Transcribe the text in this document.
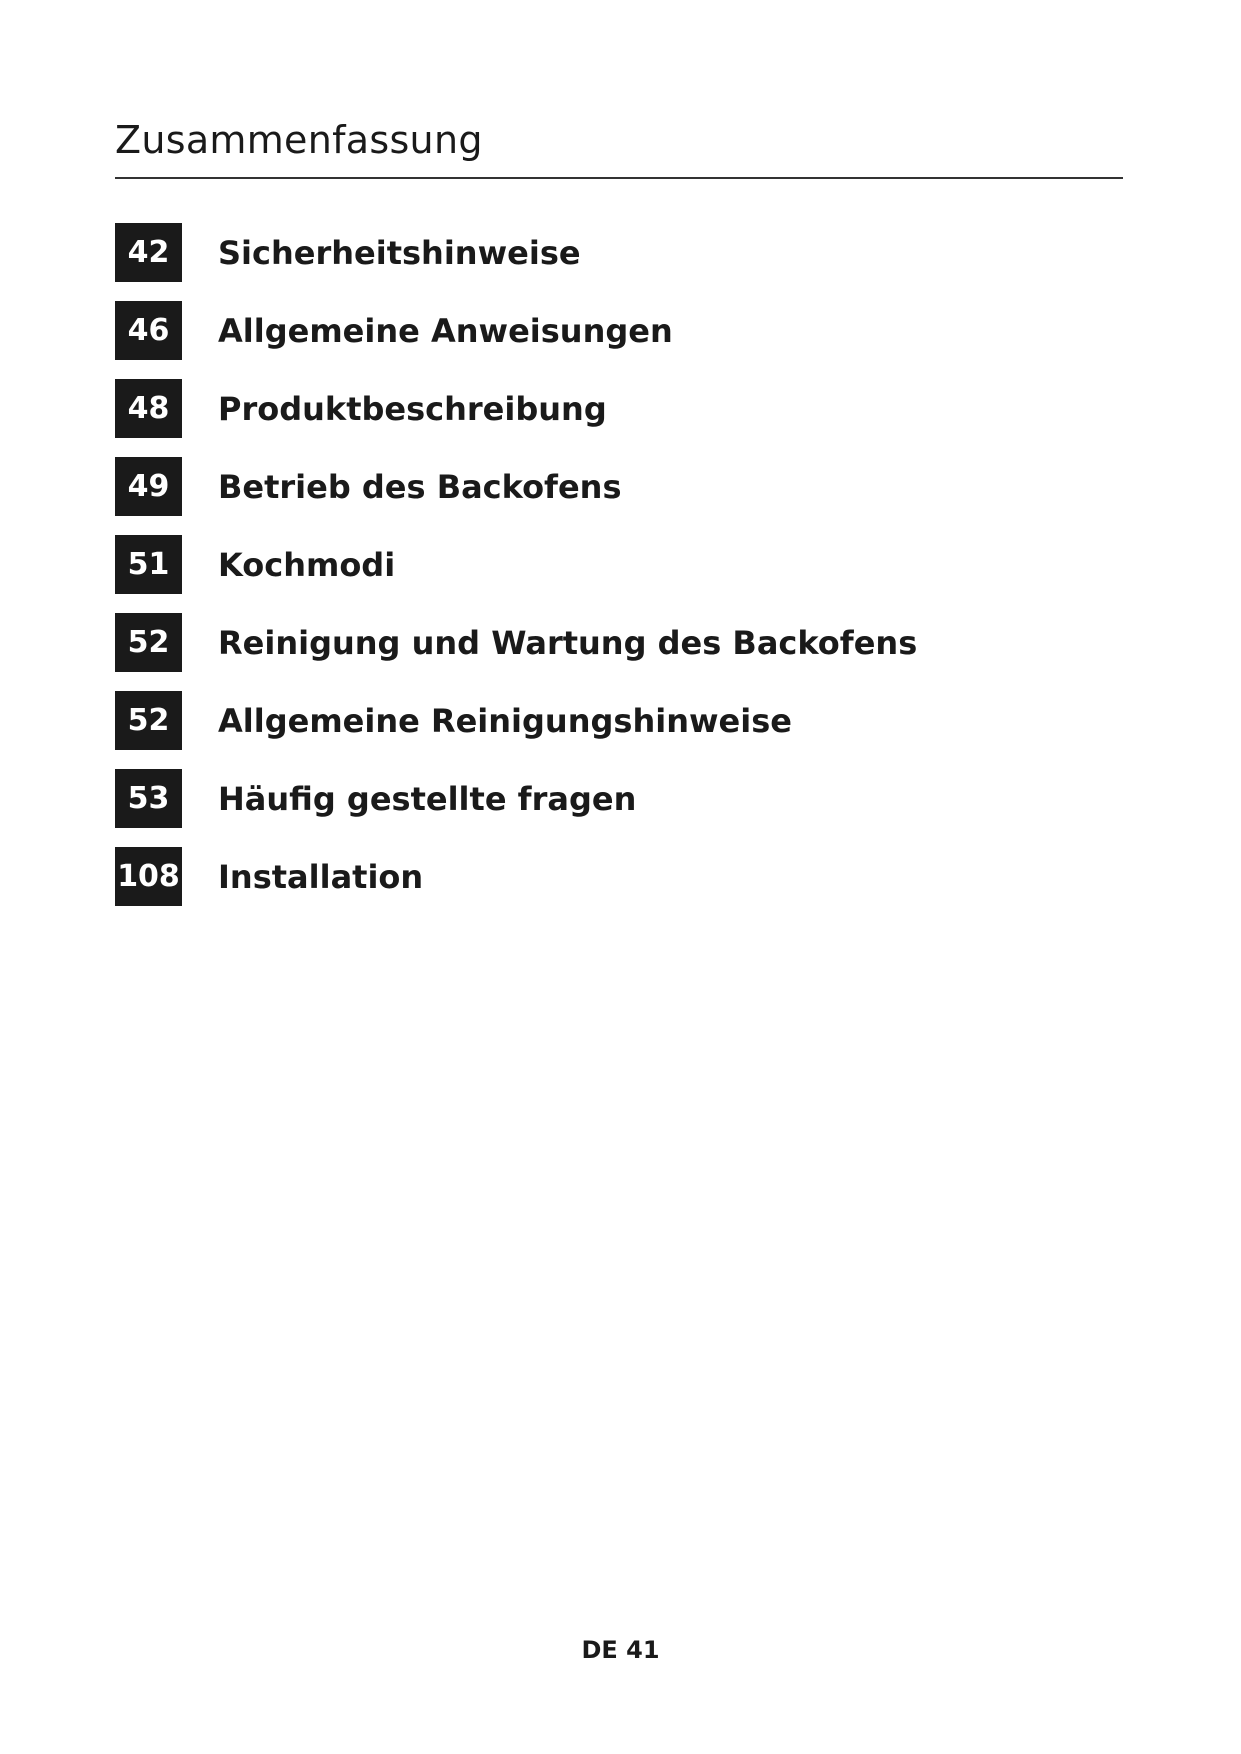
Zusammenfassung
42	Sicherheitshinweise
46	Allgemeine Anweisungen
48	Produktbeschreibung
49	Betrieb des Backofens
51	Kochmodi
52	Reinigung und Wartung des Backofens
52	Allgemeine Reinigungshinweise
53	Häufig gestellte fragen
108 Installation
DE 41
